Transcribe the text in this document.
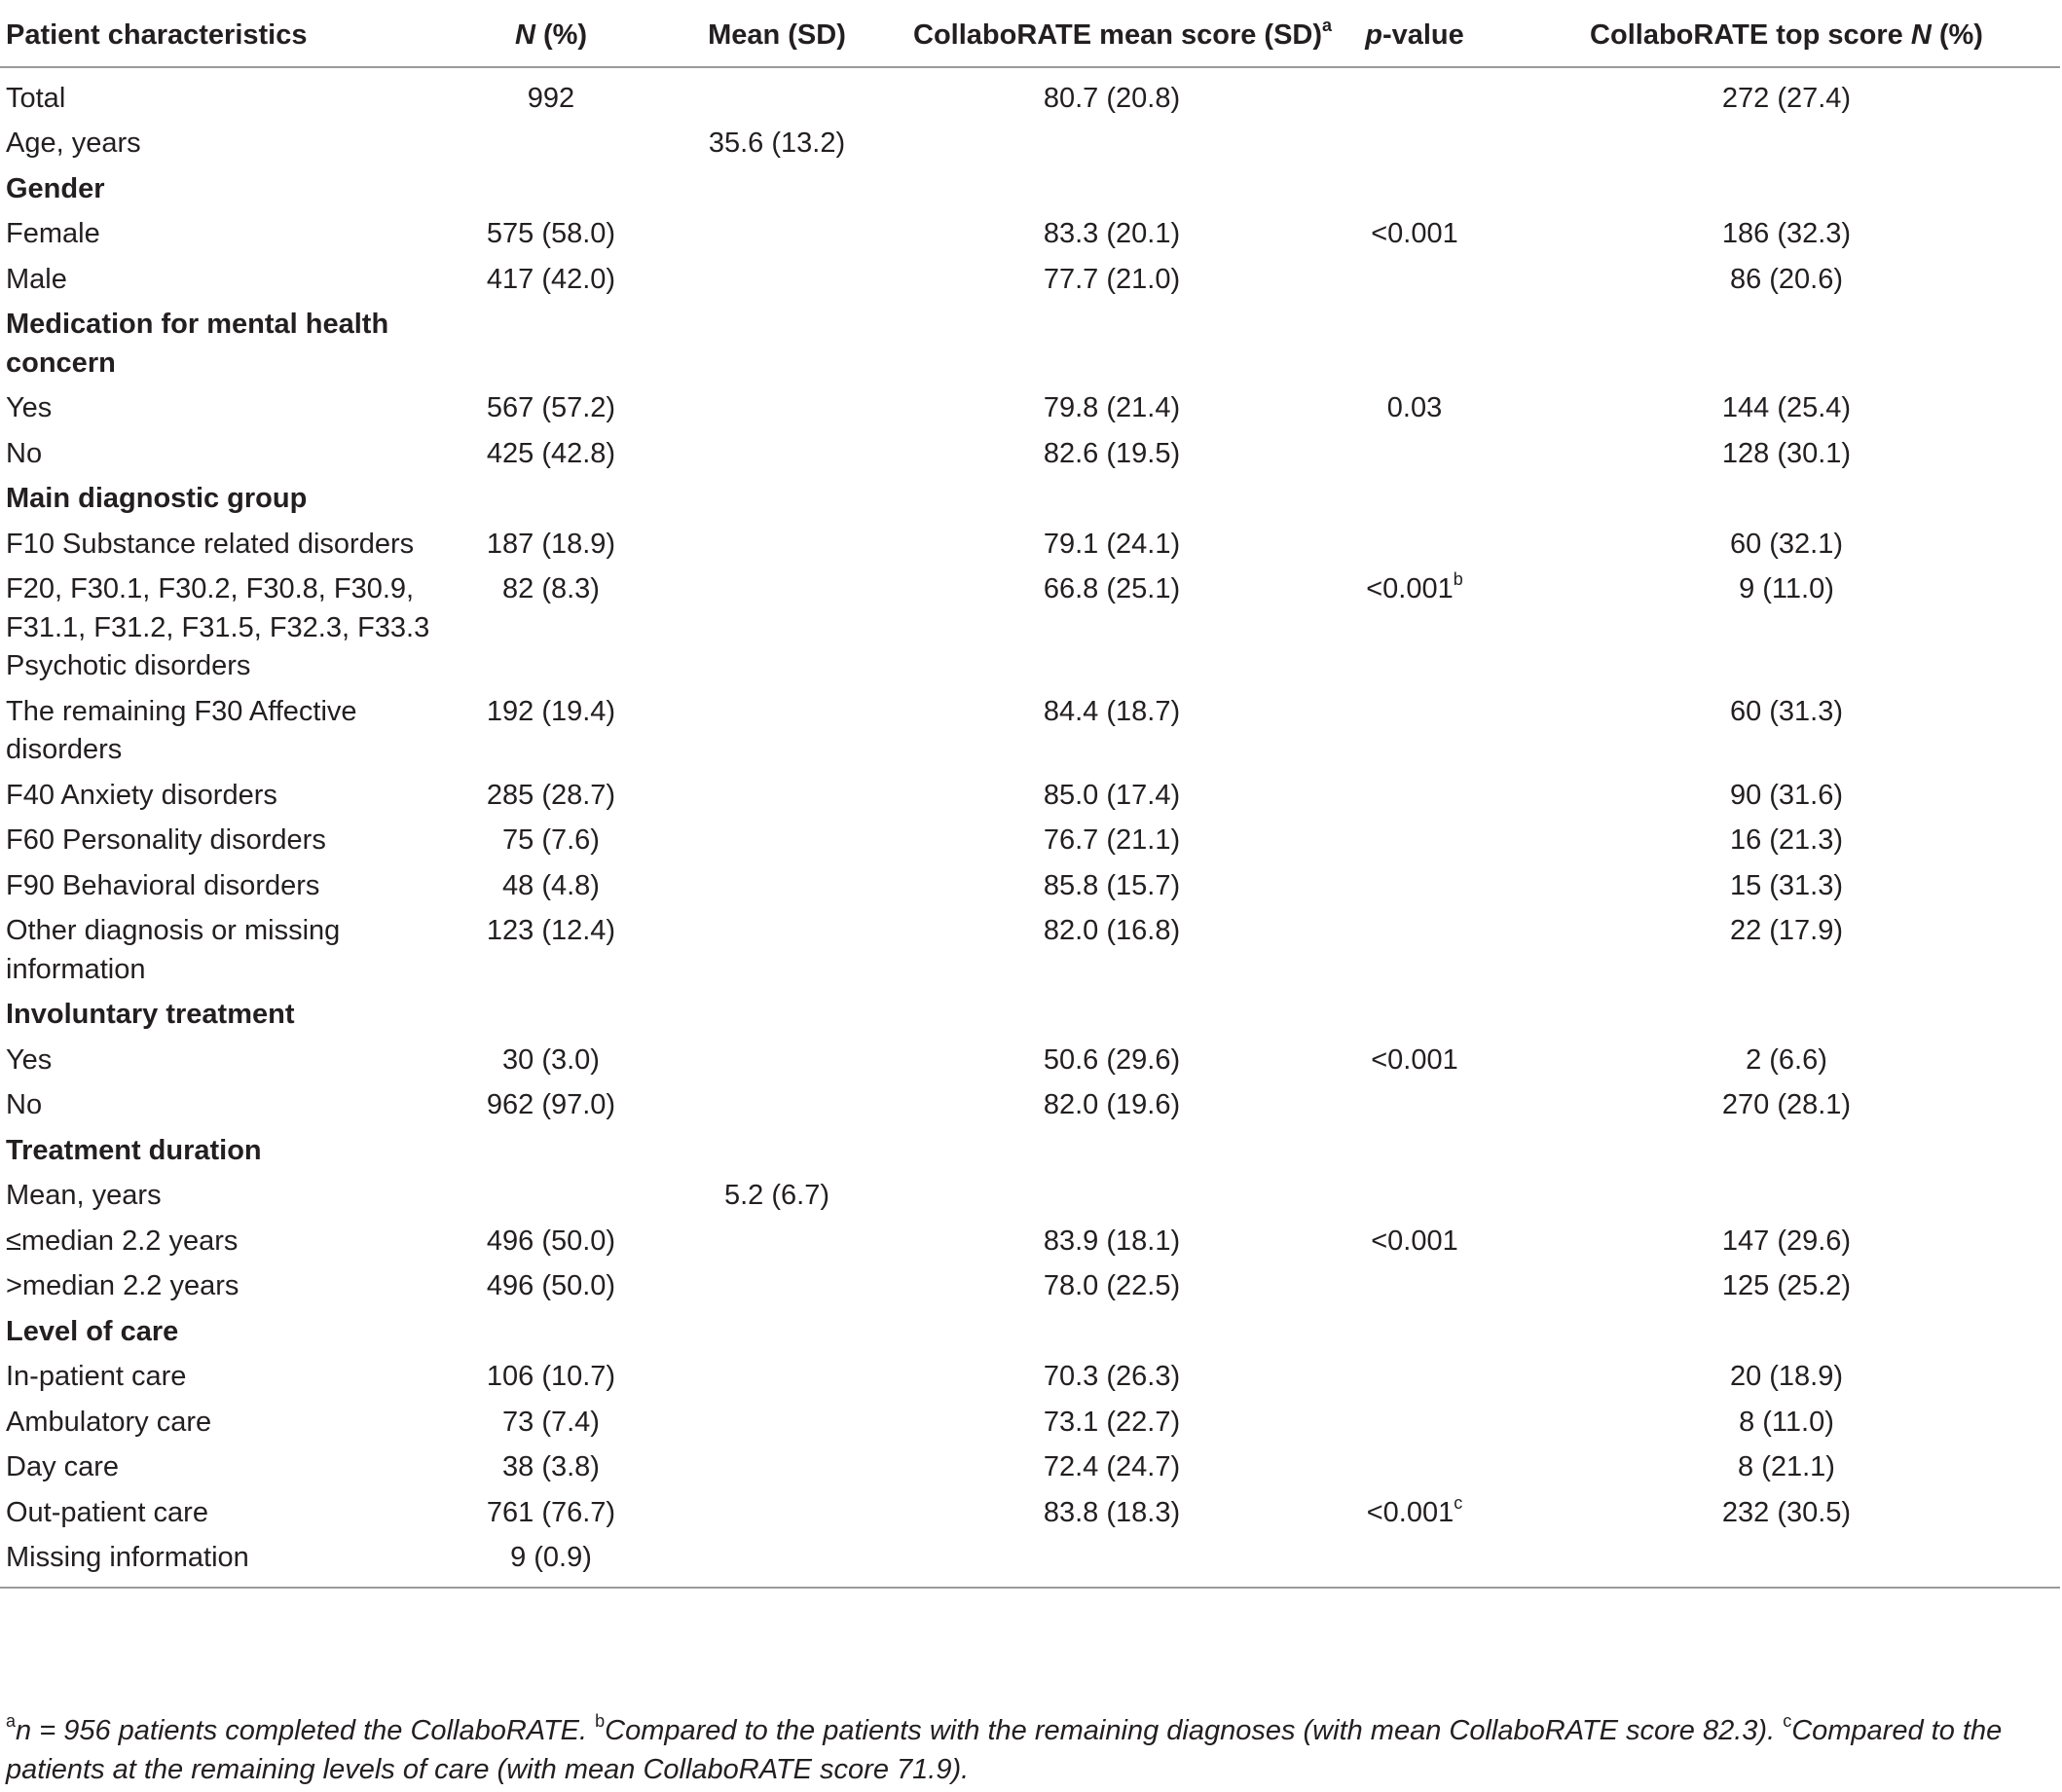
Patient characteristics	N (%)	Mean (SD)	CollaboRATE mean score (SD)$^a$	p-value	CollaboRATE top score N (%)
Total	992		80.7 (20.8)		272 (27.4)
Age, years		35.6 (13.2)			
Gender					
Female	575 (58.0)		83.3 (20.1)	<0.001	186 (32.3)
Male	417 (42.0)		77.7 (21.0)		86 (20.6)
Medication for mental health concern					
Yes	567 (57.2)		79.8 (21.4)	0.03	144 (25.4)
No	425 (42.8)		82.6 (19.5)		128 (30.1)
Main diagnostic group					
F10 Substance related disorders	187 (18.9)		79.1 (24.1)		60 (32.1)
F20, F30.1, F30.2, F30.8, F30.9, F31.1, F31.2, F31.5, F32.3, F33.3 Psychotic disorders	82 (8.3)		66.8 (25.1)	<0.001$^b$	9 (11.0)
The remaining F30 Affective disorders	192 (19.4)		84.4 (18.7)		60 (31.3)
F40 Anxiety disorders	285 (28.7)		85.0 (17.4)		90 (31.6)
F60 Personality disorders	75 (7.6)		76.7 (21.1)		16 (21.3)
F90 Behavioral disorders	48 (4.8)		85.8 (15.7)		15 (31.3)
Other diagnosis or missing information	123 (12.4)		82.0 (16.8)		22 (17.9)
Involuntary treatment					
Yes	30 (3.0)		50.6 (29.6)	<0.001	2 (6.6)
No	962 (97.0)		82.0 (19.6)		270 (28.1)
Treatment duration					
Mean, years		5.2 (6.7)			
≤median 2.2 years	496 (50.0)		83.9 (18.1)	<0.001	147 (29.6)
>median 2.2 years	496 (50.0)		78.0 (22.5)		125 (25.2)
Level of care					
In-patient care	106 (10.7)		70.3 (26.3)		20 (18.9)
Ambulatory care	73 (7.4)		73.1 (22.7)		8 (11.0)
Day care	38 (3.8)		72.4 (24.7)		8 (21.1)
Out-patient care	761 (76.7)		83.8 (18.3)	<0.001$^c$	232 (30.5)
Missing information	9 (0.9)				
$^a$n = 956 patients completed the CollaboRATE. $^b$Compared to the patients with the remaining diagnoses (with mean CollaboRATE score 82.3). $^c$Compared to the patients at the remaining levels of care (with mean CollaboRATE score 71.9).
